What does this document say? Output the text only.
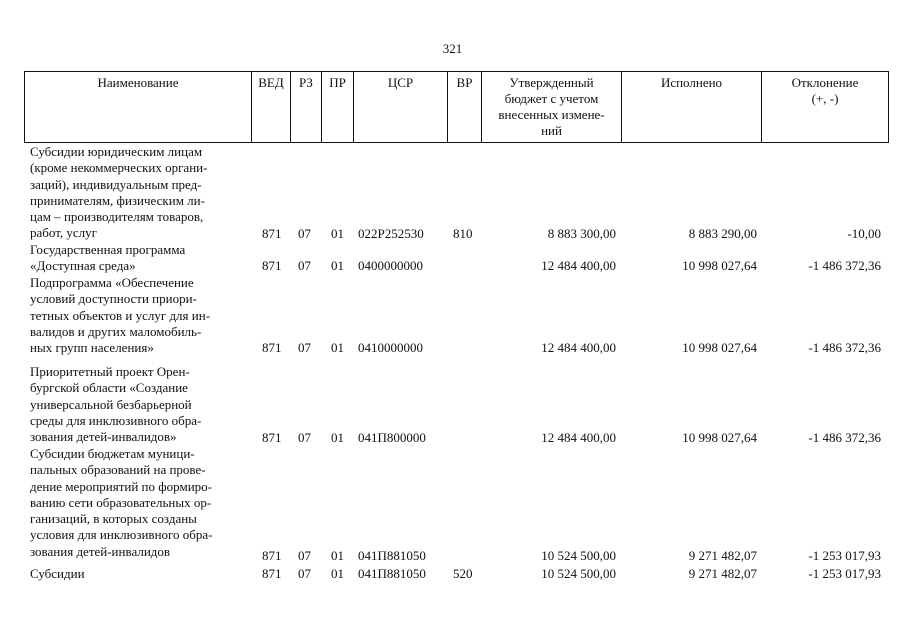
321
Наименование	ВЕД	РЗ	ПР	ЦСР	ВР	Утвержденный
бюджет с учетом
внесенных измене-
ний
Исполнено	Отклонение
(+, -)
Субсидии юридическим лицам
(кроме некоммерческих органи-
заций), индивидуальным пред-
принимателям, физическим ли-
цам – производителям товаров,
работ, услуг	871 07 01 022P252530 810	8 883 300,00	8 883 290,00	-10,00
Государственная программа
«Доступная среда»	871 07 01 0400000000	12 484 400,00	10 998 027,64	-1 486 372,36
Подпрограмма «Обеспечение
условий доступности приори-
тетных объектов и услуг для ин-
валидов и других маломобиль-
ных групп населения»	871 07 01 0410000000	12 484 400,00	10 998 027,64	-1 486 372,36
Приоритетный проект Орен-
бургской области «Создание
универсальной безбарьерной
среды для инклюзивного обра-
зования детей-инвалидов»	871 07 01 041П800000	12 484 400,00	10 998 027,64	-1 486 372,36
Субсидии бюджетам муници-
пальных образований на прове-
дение мероприятий по формиро-
ванию сети образовательных ор-
ганизаций, в которых созданы
условия для инклюзивного обра-
зования детей-инвалидов	871 07 01 041П881050	10 524 500,00	9 271 482,07	-1 253 017,93
Субсидии	871 07 01 041П881050 520	10 524 500,00	9 271 482,07	-1 253 017,93
